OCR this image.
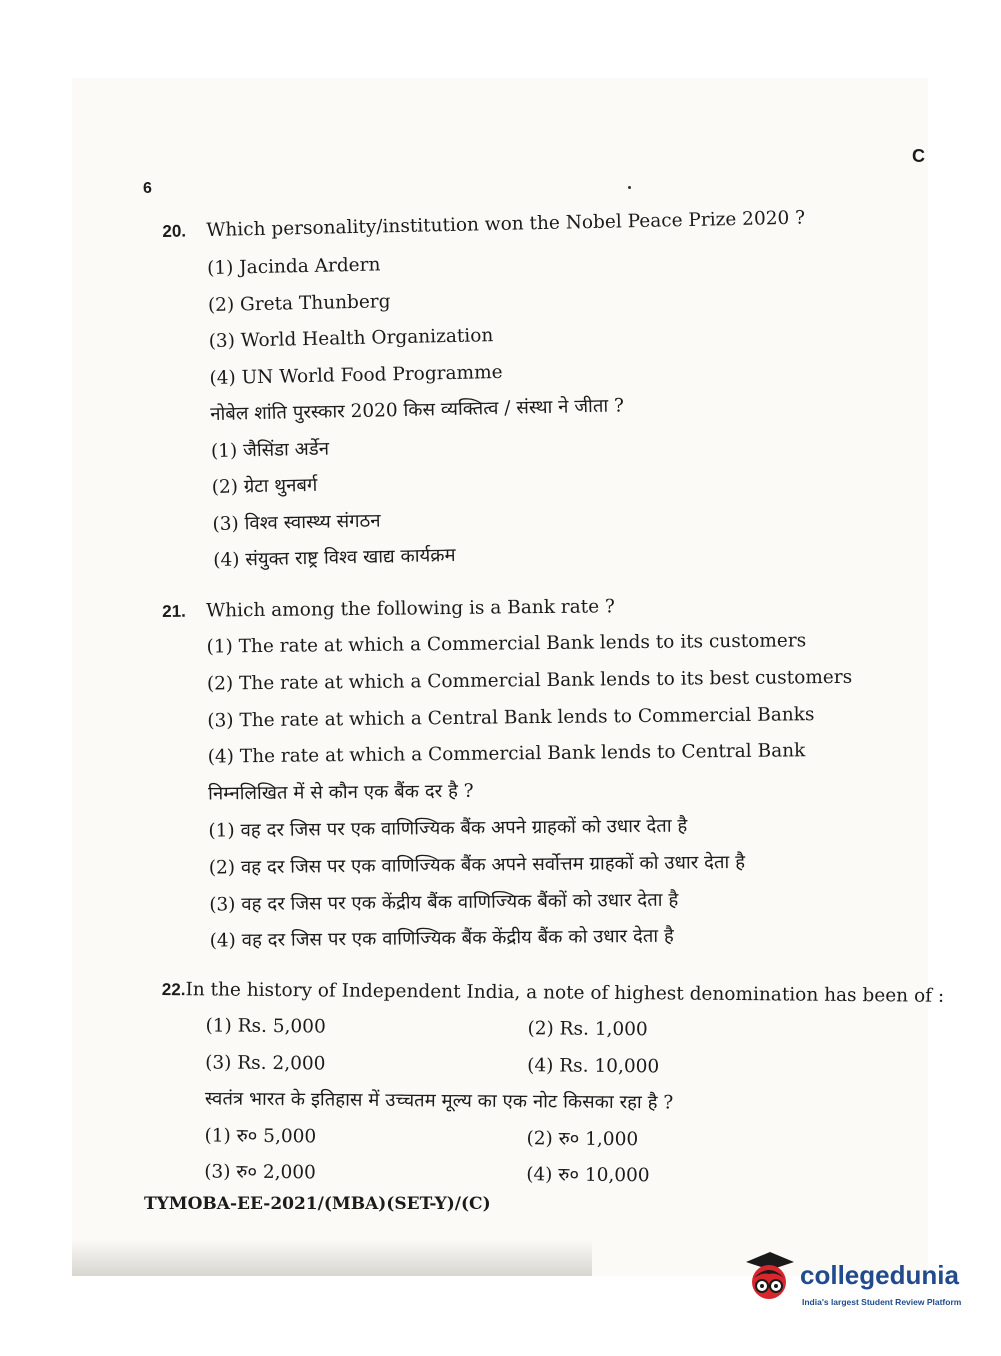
C
6
20.	Which personality/institution won the Nobel Peace Prize 2020 ?
(1) Jacinda Ardern
(2) Greta Thunberg
(3) World Health Organization
(4) UN World Food Programme
नोबेल शांति पुरस्कार 2020 किस व्यक्तित्व / संस्था ने जीता ?
(1) जैसिंडा अर्डेन
(2) ग्रेटा थुनबर्ग
(3) विश्व स्वास्थ्य संगठन
(4) संयुक्त राष्ट्र विश्व खाद्य कार्यक्रम
21.	Which among the following is a Bank rate ?
(1) The rate at which a Commercial Bank lends to its customers
(2) The rate at which a Commercial Bank lends to its best customers
(3) The rate at which a Central Bank lends to Commercial Banks
(4) The rate at which a Commercial Bank lends to Central Bank
निम्नलिखित में से कौन एक बैंक दर है ?
(1) वह दर जिस पर एक वाणिज्यिक बैंक अपने ग्राहकों को उधार देता है
(2) वह दर जिस पर एक वाणिज्यिक बैंक अपने सर्वोत्तम ग्राहकों को उधार देता है
(3) वह दर जिस पर एक केंद्रीय बैंक वाणिज्यिक बैंकों को उधार देता है
(4) वह दर जिस पर एक वाणिज्यिक बैंक केंद्रीय बैंक को उधार देता है
22. In the history of Independent India, a note of highest denomination has been of :
(1) Rs. 5,000	(2) Rs. 1,000
(3) Rs. 2,000	(4) Rs. 10,000
स्वतंत्र भारत के इतिहास में उच्चतम मूल्य का एक नोट किसका रहा है ?
(1) रु० 5,000	(2) रु० 1,000
(3) रु० 2,000	(4) रु० 10,000
TYMOBA-EE-2021/(MBA)(SET-Y)/(C)
collegedunia
India's largest Student Review Platform
